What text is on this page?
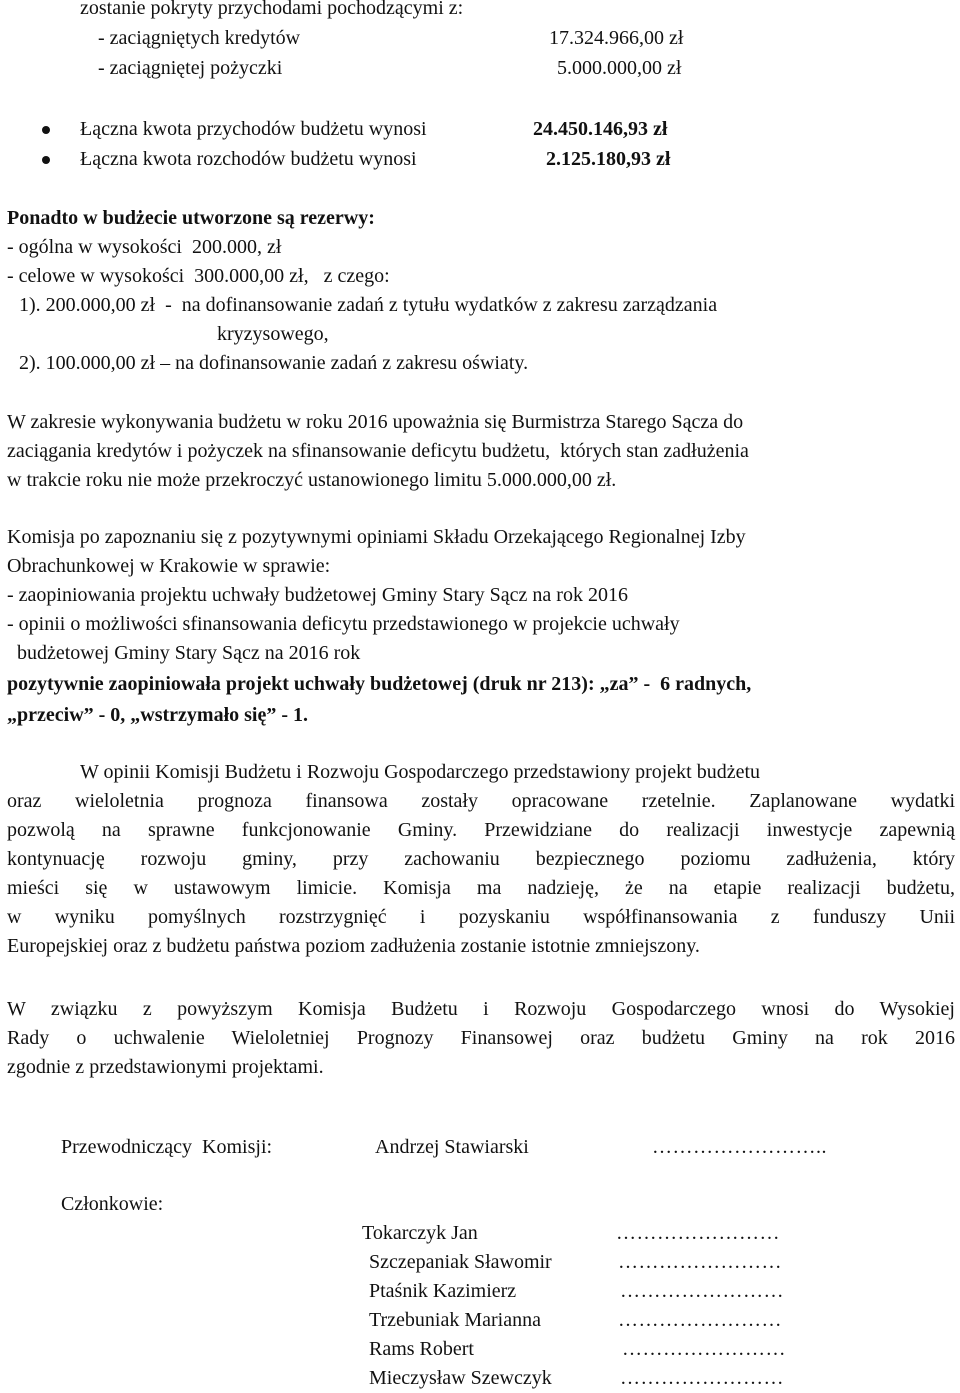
zostanie pokryty przychodami pochodzącymi z:
- zaciągniętych kredytów	17.324.966,00 zł
- zaciągniętej pożyczki	5.000.000,00 zł
Łączna kwota przychodów budżetu wynosi	24.450.146,93 zł
Łączna kwota rozchodów budżetu wynosi	2.125.180,93 zł
Ponadto w budżecie utworzone są rezerwy:
- ogólna w wysokości  200.000, zł
- celowe w wysokości  300.000,00 zł,   z czego:
1). 200.000,00 zł  -  na dofinansowanie zadań z tytułu wydatków z zakresu zarządzania
kryzysowego,
2). 100.000,00 zł – na dofinansowanie zadań z zakresu oświaty.
W zakresie wykonywania budżetu w roku 2016 upoważnia się Burmistrza Starego Sącza do
zaciągania kredytów i pożyczek na sfinansowanie deficytu budżetu,  których stan zadłużenia
w trakcie roku nie może przekroczyć ustanowionego limitu 5.000.000,00 zł.
Komisja po zapoznaniu się z pozytywnymi opiniami Składu Orzekającego Regionalnej Izby
Obrachunkowej w Krakowie w sprawie:
- zaopiniowania projektu uchwały budżetowej Gminy Stary Sącz na rok 2016
- opinii o możliwości sfinansowania deficytu przedstawionego w projekcie uchwały
budżetowej Gminy Stary Sącz na 2016 rok
pozytywnie zaopiniowała projekt uchwały budżetowej (druk nr 213): „za” -  6 radnych,
„przeciw” - 0, „wstrzymało się” - 1.
W opinii Komisji Budżetu i Rozwoju Gospodarczego przedstawiony projekt budżetu
oraz wieloletnia prognoza finansowa zostały opracowane rzetelnie. Zaplanowane wydatki
pozwolą na sprawne funkcjonowanie Gminy. Przewidziane do realizacji inwestycje zapewnią
kontynuację rozwoju gminy, przy zachowaniu bezpiecznego poziomu zadłużenia, który
mieści się w ustawowym limicie. Komisja ma nadzieję, że na etapie realizacji budżetu,
w wyniku pomyślnych rozstrzygnięć i pozyskaniu współfinansowania z funduszy Unii
Europejskiej oraz z budżetu państwa poziom zadłużenia zostanie istotnie zmniejszony.
W związku z powyższym Komisja Budżetu i Rozwoju Gospodarczego wnosi do Wysokiej
Rady o uchwalenie Wieloletniej Prognozy Finansowej oraz budżetu Gminy na rok 2016
zgodnie z przedstawionymi projektami.
Przewodniczący  Komisji:	Andrzej Stawiarski	……………………..
Członkowie:
Tokarczyk Jan	……………………
Szczepaniak Sławomir	……………………
Ptaśnik Kazimierz	……………………
Trzebuniak Marianna	……………………
Rams Robert	……………………
Mieczysław Szewczyk	……………………
